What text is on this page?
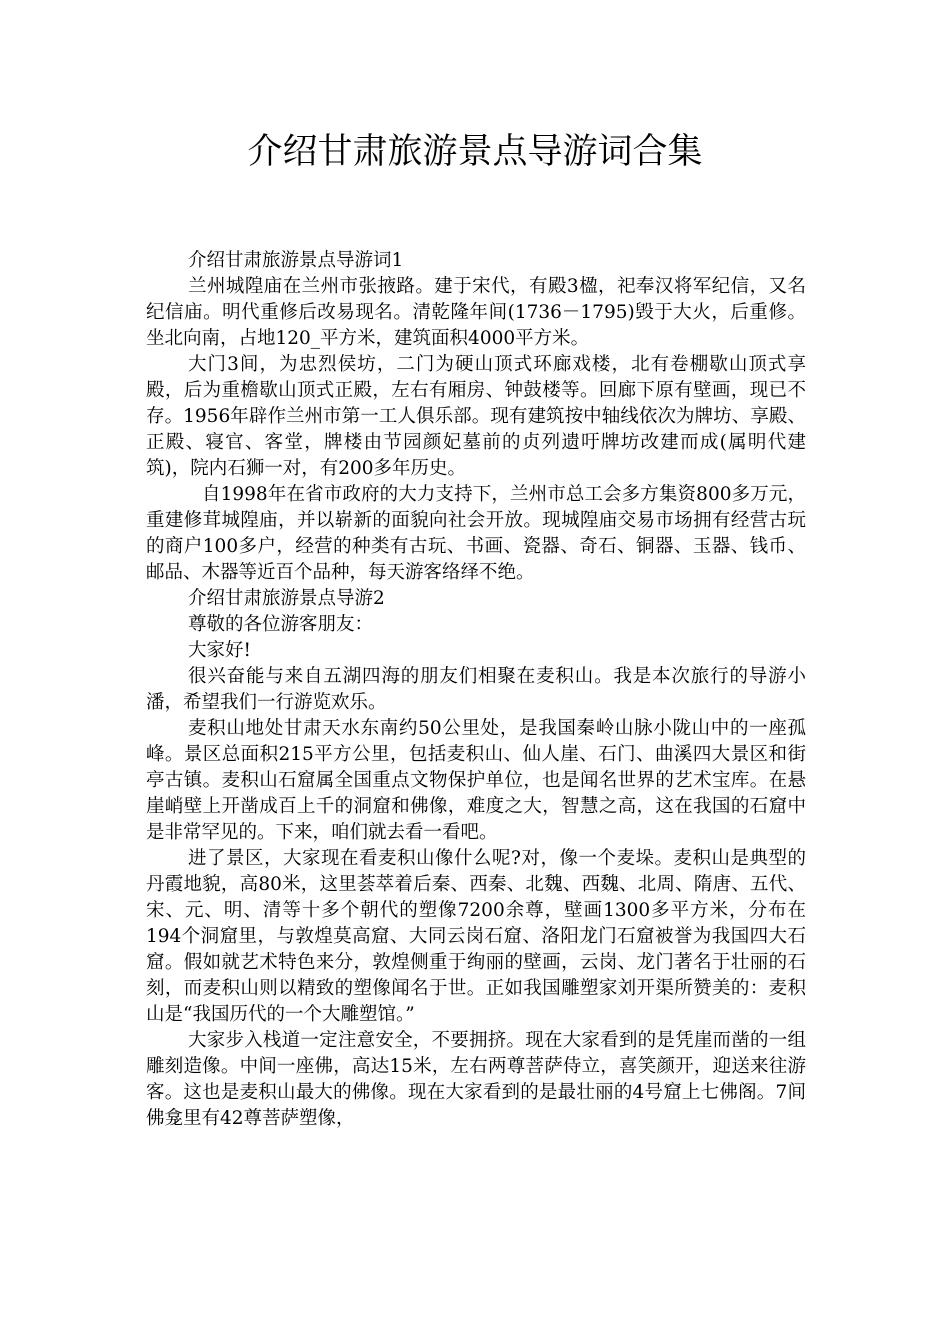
介绍甘肃旅游景点导游词合集

介绍甘肃旅游景点导游词1

兰州城隍庙在兰州市张掖路。建于宋代，有殿3楹，祀奉汉将军纪信，又名纪信庙。明代重修后改易现名。清乾隆年间(1736－1795)毁于大火，后重修。坐北向南，占地120_平方米，建筑面积4000平方米。

大门3间，为忠烈侯坊，二门为硬山顶式环廊戏楼，北有卷棚歇山顶式享殿，后为重檐歇山顶式正殿，左右有厢房、钟鼓楼等。回廊下原有壁画，现已不存。1956年辟作兰州市第一工人俱乐部。现有建筑按中轴线依次为牌坊、享殿、正殿、寝官、客堂，牌楼由节园颜妃墓前的贞列遗吁牌坊改建而成(属明代建筑)，院内石狮一对，有200多年历史。

自1998年在省市政府的大力支持下，兰州市总工会多方集资800多万元，重建修茸城隍庙，并以崭新的面貌向社会开放。现城隍庙交易市场拥有经营古玩的商户100多户，经营的种类有古玩、书画、瓷器、奇石、铜器、玉器、钱币、邮品、木器等近百个品种，每天游客络绎不绝。

介绍甘肃旅游景点导游2

尊敬的各位游客朋友：

大家好!

很兴奋能与来自五湖四海的朋友们相聚在麦积山。我是本次旅行的导游小潘，希望我们一行游览欢乐。

麦积山地处甘肃天水东南约50公里处，是我国秦岭山脉小陇山中的一座孤峰。景区总面积215平方公里，包括麦积山、仙人崖、石门、曲溪四大景区和街亭古镇。麦积山石窟属全国重点文物保护单位，也是闻名世界的艺术宝库。在悬崖峭壁上开凿成百上千的洞窟和佛像，难度之大，智慧之高，这在我国的石窟中是非常罕见的。下来，咱们就去看一看吧。

进了景区，大家现在看麦积山像什么呢?对，像一个麦垛。麦积山是典型的丹霞地貌，高80米，这里荟萃着后秦、西秦、北魏、西魏、北周、隋唐、五代、宋、元、明、清等十多个朝代的塑像7200余尊，壁画1300多平方米，分布在194个洞窟里，与敦煌莫高窟、大同云岗石窟、洛阳龙门石窟被誉为我国四大石窟。假如就艺术特色来分，敦煌侧重于绚丽的壁画，云岗、龙门著名于壮丽的石刻，而麦积山则以精致的塑像闻名于世。正如我国雕塑家刘开渠所赞美的：麦积山是“我国历代的一个大雕塑馆。”

大家步入栈道一定注意安全，不要拥挤。现在大家看到的是凭崖而凿的一组雕刻造像。中间一座佛，高达15米，左右两尊菩萨侍立，喜笑颜开，迎送来往游客。这也是麦积山最大的佛像。现在大家看到的是最壮丽的4号窟上七佛阁。7间佛龛里有42尊菩萨塑像，
